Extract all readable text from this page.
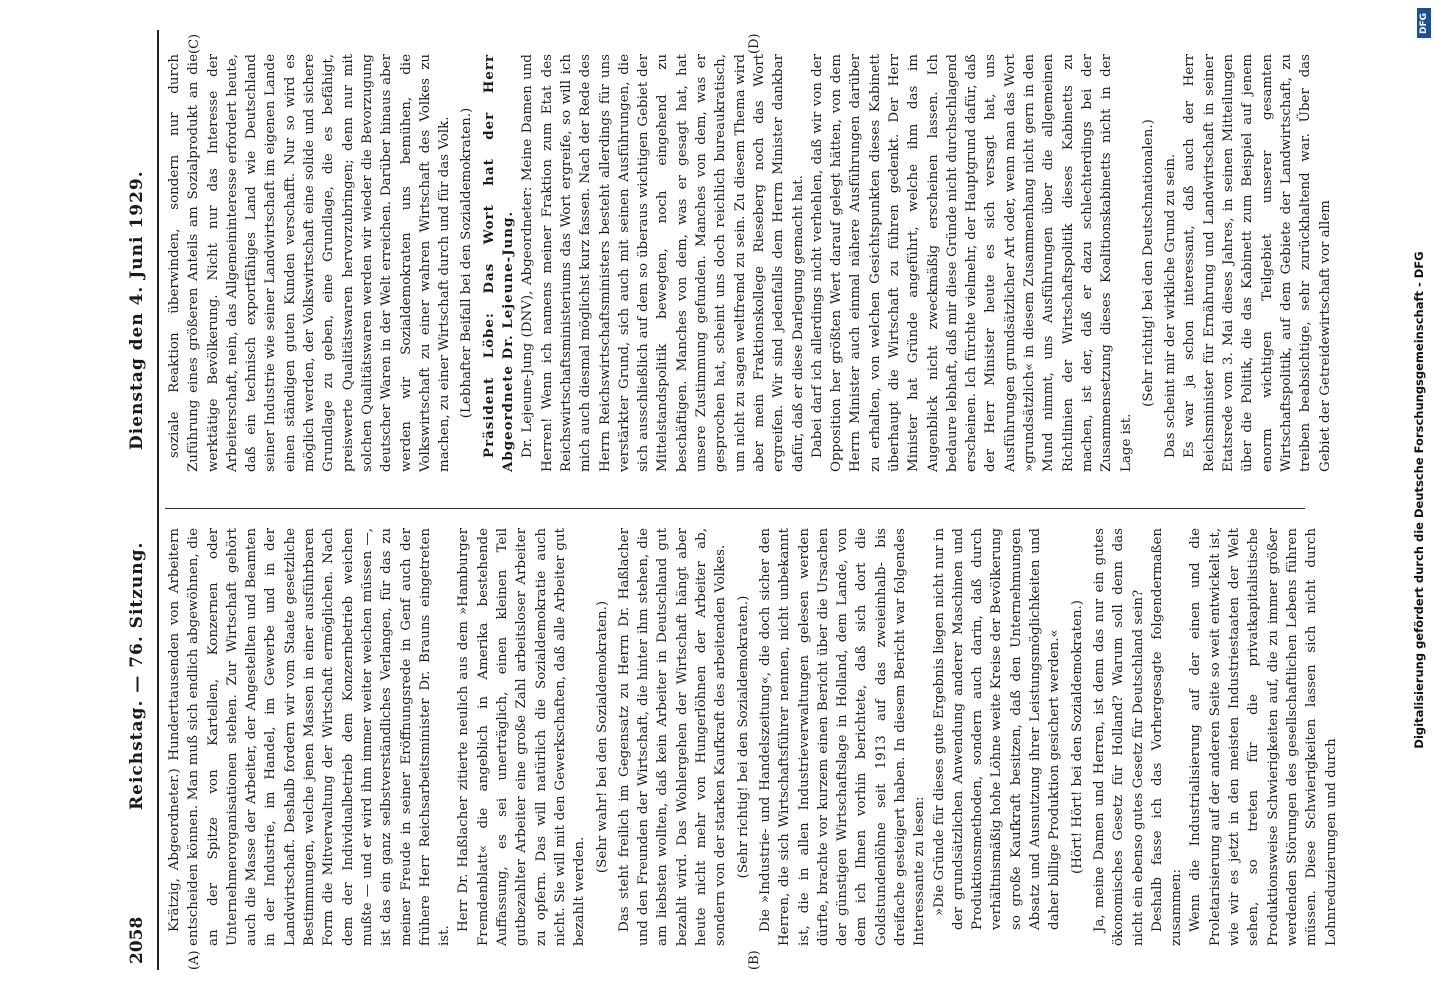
2058
Reichstag. — 76. Sitzung.
Dienstag den 4. Juni 1929.
(A)	(B)
(C)	(D)

Krätzig, Abgeordneter.) Hunderttausenden von Arbeitern entscheiden können. Man muß sich endlich abgewöhnen, die an der Spitze von Kartellen, Konzernen oder Unternehmerorganisationen stehen. Zur Wirtschaft gehört auch die Masse der Arbeiter, der Angestellten und Beamten in der Industrie, im Handel, im Gewerbe und in der Landwirtschaft. Deshalb fordern wir vom Staate gesetzliche Bestimmungen, welche jenen Massen in einer ausführbaren Form die Mitverwaltung der Wirtschaft ermöglichen. Nach dem der Individualbetrieb dem Konzernbetrieb weichen mußte — und er wird ihm immer weiter weichen müssen —, ist das ein ganz selbstverständliches Verlangen, für das zu meiner Freude in seiner Eröffnungsrede in Genf auch der frühere Herr Reichsarbeitsminister Dr. Brauns eingetreten ist.

Herr Dr. Haßlacher zitierte neulich aus dem »Hamburger Fremdenblatt« die angeblich in Amerika bestehende Auffassung, es sei unerträglich, einen kleinen Teil gutbezahlter Arbeiter eine große Zahl arbeitsloser Arbeiter zu opfern. Das will natürlich die Sozialdemokratie auch nicht. Sie will mit den Gewerkschaften, daß alle Arbeiter gut bezahlt werden.

(Sehr wahr! bei den Sozialdemokraten.) Das steht freilich im Gegensatz zu Herrn Dr. Haßlacher und den Freunden der Wirtschaft, die hinter ihm stehen, die am liebsten wollten, daß kein Arbeiter in Deutschland gut bezahlt wird. Das Wohlergehen der Wirtschaft hängt aber heute nicht mehr von Hungerlöhnen der Arbeiter ab, sondern von der starken Kaufkraft des arbeitenden Volkes. (Sehr richtig! bei den Sozialdemokraten.) Die »Industrie- und Handelszeitung«, die doch sicher den Herren, die sich Wirtschaftsführer nennen, nicht unbekannt ist, die in allen Industrieverwaltungen gelesen werden dürfte, brachte vor kurzem einen Bericht über die Ursachen der günstigen Wirtschaftslage in Holland, dem Lande, von dem ich Ihnen vorhin berichtete, daß sich dort die Goldstundenlöhne seit 1913 auf das zweieinhalb- bis dreifache gesteigert haben. In diesem Bericht war folgendes Interessante zu lesen: »Die Gründe für dieses gute Ergebnis liegen nicht nur in der grundsätzlichen Anwendung anderer Maschinen und Produktionsmethoden, sondern auch darin, daß durch verhältnismäßig hohe Löhne weite Kreise der Bevölkerung so große Kaufkraft besitzen, daß den Unternehmungen Absatz und Ausnutzung ihrer Leistungsmöglichkeiten und daher billige Produktion gesichert werden.« (Hört! Hört! bei den Sozialdemokraten.) Ja, meine Damen und Herren, ist denn das nur ein gutes ökonomisches Gesetz für Holland? Warum soll denn das nicht ein ebenso gutes Gesetz für Deutschland sein? Deshalb fasse ich das Vorhergesagte folgendermaßen zusammen: Wenn die Industrialisierung auf der einen und die Proletarisierung auf der anderen Seite so weit entwickelt ist, wie wir es jetzt in den meisten Industriestaaten der Welt sehen, so treten für die privatkapitalistische Produktionsweise Schwierigkeiten auf, die zu immer größer werdenden Störungen des gesellschaftlichen Lebens führen müssen. Diese Schwierigkeiten lassen sich nicht durch Lohnreduzierungen und durch

soziale Reaktion überwinden, sondern nur durch Zuführung eines größeren Anteils am Sozialprodukt an die werktätige Bevölkerung. Nicht nur das Interesse der Arbeiterschaft, nein, das Allgemeininteresse erfordert heute, daß ein technisch exportfähiges Land wie Deutschland seiner Industrie wie seiner Landwirtschaft im eigenen Lande einen ständigen guten Kunden verschafft. Nur so wird es möglich werden, der Volkswirtschaft eine solide und sichere Grundlage zu geben, eine Grundlage, die es befähigt, preiswerte Qualitätswaren hervorzubringen; denn nur mit solchen Qualitätswaren werden wir wieder die Bevorzugung deutscher Waren in der Welt erreichen. Darüber hinaus aber werden wir Sozialdemokraten uns bemühen, die Volkswirtschaft zu einer wahren Wirtschaft des Volkes zu machen, zu einer Wirtschaft durch und für das Volk. (Lebhafter Beifall bei den Sozialdemokraten.) Präsident Löbe: Das Wort hat der Herr Abgeordnete Dr. Lejeune-Jung. Dr. Lejeune-Jung (DNV), Abgeordneter: Meine Damen und Herren! Wenn ich namens meiner Fraktion zum Etat des Reichswirtschaftsministeriums das Wort ergreife, so will ich mich auch diesmal möglichst kurz fassen. Nach der Rede des Herrn Reichswirtschaftsministers besteht allerdings für uns verstärkter Grund, sich auch mit seinen Ausführungen, die sich ausschließlich auf dem so überaus wichtigen Gebiet der Mittelstandspolitik bewegten, noch eingehend zu beschäftigen. Manches von dem, was er gesagt hat, hat unsere Zustimmung gefunden. Manches von dem, was er gesprochen hat, scheint uns doch reichlich bureaukratisch, um nicht zu sagen weltfremd zu sein. Zu diesem Thema wird aber mein Fraktionskollege Rieseberg noch das Wort ergreifen. Wir sind jedenfalls dem Herrn Minister dankbar dafür, daß er diese Darlegung gemacht hat. Dabei darf ich allerdings nicht verhehlen, daß wir von der Opposition her größten Wert darauf gelegt hätten, von dem Herrn Minister auch einmal nähere Ausführungen darüber zu erhalten, von welchen Gesichtspunkten dieses Kabinett überhaupt die Wirtschaft zu führen gedenkt. Der Herr Minister hat Gründe angeführt, welche ihm das im Augenblick nicht zweckmäßig erscheinen lassen. Ich bedaure lebhaft, daß mir diese Gründe nicht durchschlagend erscheinen. Ich fürchte vielmehr, der Hauptgrund dafür, daß der Herr Minister heute es sich versagt hat, uns Ausführungen grundsätzlicher Art oder, wenn man das Wort »grundsätzlich« in diesem Zusammenhang nicht gern in den Mund nimmt, uns Ausführungen über die allgemeinen Richtlinien der Wirtschaftspolitik dieses Kabinetts zu machen, ist der, daß er dazu schlechterdings bei der Zusammensetzung dieses Koalitionskabinetts nicht in der Lage ist.

(Sehr richtig! bei den Deutschnationalen.) Das scheint mir der wirkliche Grund zu sein. Es war ja schon interessant, daß auch der Herr Reichsminister für Ernährung und Landwirtschaft in seiner Etatsrede vom 3. Mai dieses Jahres, in seinen Mitteilungen über die Politik, die das Kabinett zum Beispiel auf jenem enorm wichtigen Teilgebiet unserer gesamten Wirtschaftspolitik, auf dem Gebiete der Landwirtschaft, zu treiben beabsichtige, sehr zurückhaltend war. Über das Gebiet der Getreidewirtschaft vor allem	Digitalisierung gefördert durch die Deutsche Forschungsgemeinschaft - DFG
DFG
